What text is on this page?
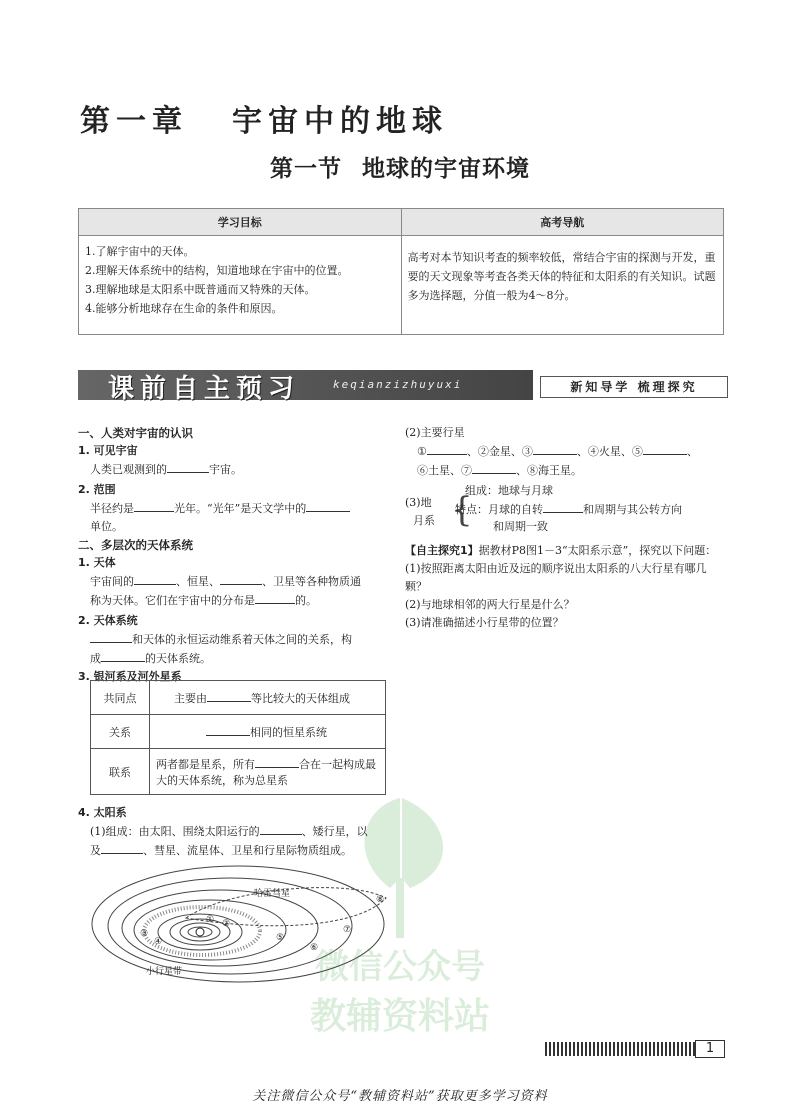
第一章 宇宙中的地球
第一节 地球的宇宙环境
学习目标	高考导航

1.了解宇宙中的天体。
2.理解天体系统中的结构，知道地球在宇宙中的位置。
3.理解地球是太阳系中既普通而又特殊的天体。
4.能够分析地球存在生命的条件和原因。	高考对本节知识考查的频率较低，常结合宇宙的探测与开发，重要的天文现象等考查各类天体的特征和太阳系的有关知识。试题多为选择题，分值一般为4～8分。
课前自主预习	keqianzizhuyuxi	新知导学 梳理探究
一、人类对宇宙的认识
1. 可见宇宙
人类已观测到的	宇宙。
2. 范围
半径约是	光年。“光年”是天文学中的
单位。
二、多层次的天体系统
1. 天体
宇宙间的	、恒星、	、卫星等各种物质通
称为天体。它们在宇宙中的分布是	的。
2. 天体系统
和天体的永恒运动维系着天体之间的关系，构
成	的天体系统。
3. 银河系及河外星系
共同点	主要由 等比较大的天体组成
关系	相同的恒星系统
联系	两者都是星系，所有 合在一起构成最大的天体系统，称为总星系
4. 太阳系
(1)组成：由太阳、围绕太阳运行的	、矮行星，以
及	、彗星、流星体、卫星和行星际物质组成。
① ②
③
④	⑤
⑥
⑦
⑧
哈雷彗星
小行星带
(2)主要行星
①	、②金星、③	、④火星、⑤	、
⑥土星、⑦	、⑧海王星。
(3)地
月系 {
组成：地球与月球
特点：月球的自转	和周期与其公转方向
和周期一致
【自主探究1】据教材P8图1－3“太阳系示意”，探究以下问题：
(1)按照距离太阳由近及远的顺序说出太阳系的八大行星有哪几颗？
(2)与地球相邻的两大行星是什么？
(3)请准确描述小行星带的位置？
微信公众号
教辅资料站
1
关注微信公众号“教辅资料站”获取更多学习资料
